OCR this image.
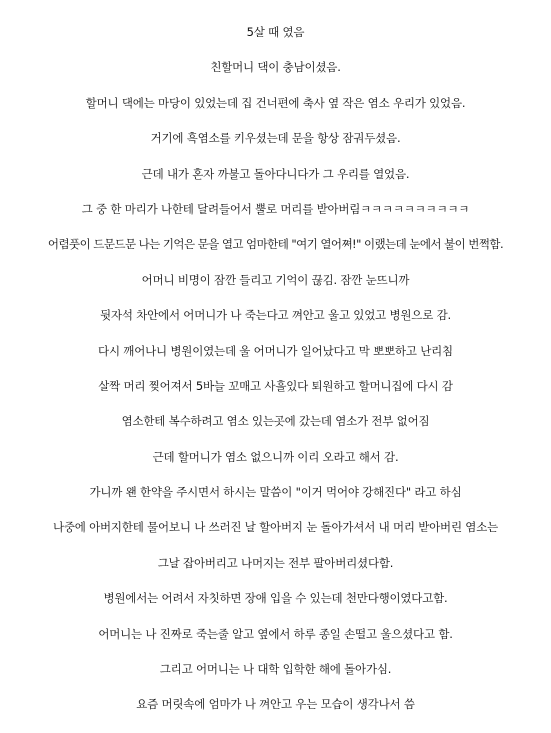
5살 때 였음
친할머니 댁이 충남이셨음.
할머니 댁에는 마당이 있었는데 집 건너편에 축사 옆 작은 염소 우리가 있었음.
거기에 흑염소를 키우셨는데 문을 항상 잠궈두셨음.
근데 내가 혼자 까불고 돌아다니다가 그 우리를 열었음.
그 중 한 마리가 나한테 달려들어서 뿔로 머리를 받아버림ㅋㅋㅋㅋㅋㅋㅋㅋㅋㅋ
어렴풋이 드문드문 나는 기억은 문을 열고 엄마한테 "여기 열어쪄!" 이랬는데 눈에서 불이 번쩍함.
어머니 비명이 잠깐 들리고 기억이 끊김. 잠깐 눈뜨니까
뒷자석 차안에서 어머니가 나 죽는다고 껴안고 울고 있었고 병원으로 감.
다시 깨어나니 병원이였는데 울 어머니가 일어났다고 막 뽀뽀하고 난리침
살짝 머리 찢어져서 5바늘 꼬매고 사흘있다 퇴원하고 할머니집에 다시 감
염소한테 복수하려고 염소 있는곳에 갔는데 염소가 전부 없어짐
근데 할머니가 염소 없으니까 이리 오라고 해서 감.
가니까 왠 한약을 주시면서 하시는 말씀이 "이거 먹어야 강해진다" 라고 하심
나중에 아버지한테 물어보니 나 쓰러진 날 할아버지 눈 돌아가셔서 내 머리 받아버린 염소는
그날 잡아버리고 나머지는 전부 팔아버리셨다함.
병원에서는 어려서 자칫하면 장애 입을 수 있는데 천만다행이였다고함.
어머니는 나 진짜로 죽는줄 알고 옆에서 하루 종일 손떨고 울으셨다고 함.
그리고 어머니는 나 대학 입학한 해에 돌아가심.
요즘 머릿속에 엄마가 나 껴안고 우는 모습이 생각나서 씀
